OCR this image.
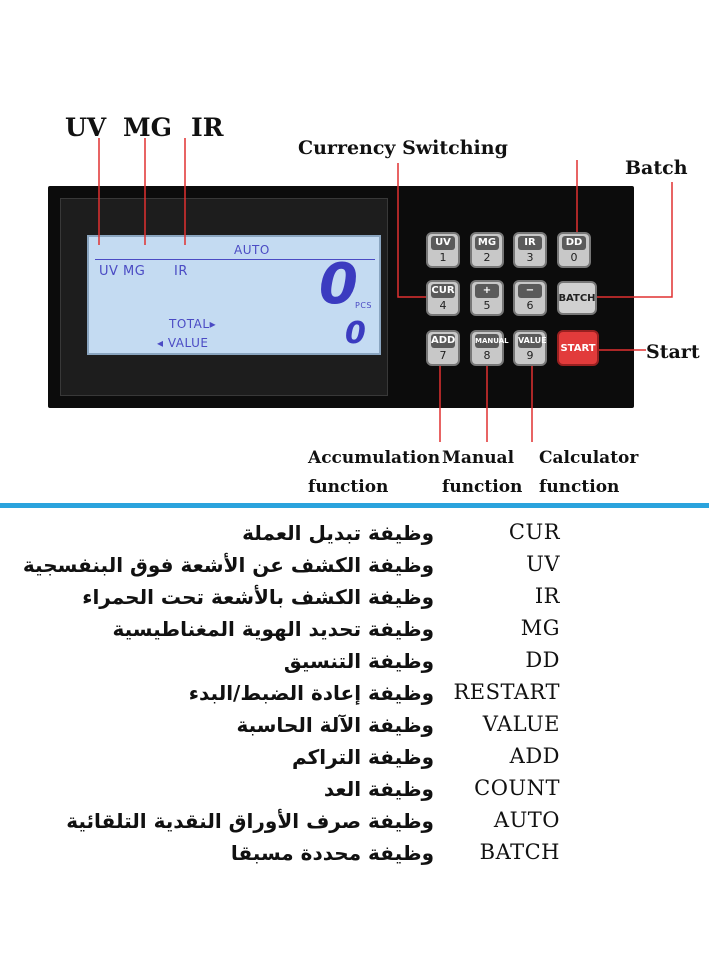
UV MG IR
Currency Switching
Batch
Start
AUTO
UV MG IR 0
PCS
TOTAL▸
◂ VALUE	0
UV
1
MG
2
IR
3
DD
0
CUR
4
+
5
−
6
BATCH
ADD
7
MANUAL
8
VALUE
9
START
Accumulation
function
Manual
function
Calculator
function
وظيفة تبديل العملة	CUR
وظيفة الكشف عن الأشعة فوق البنفسجية	UV
وظيفة الكشف بالأشعة تحت الحمراء	IR
وظيفة تحديد الهوية المغناطيسية	MG
وظيفة التنسيق	DD
وظيفة إعادة الضبط/البدء RESTART
وظيفة الآلة الحاسبة VALUE
وظيفة التراكم	ADD
وظيفة العد COUNT
وظيفة صرف الأوراق النقدية التلقائية	AUTO
وظيفة محددة مسبقا BATCH
